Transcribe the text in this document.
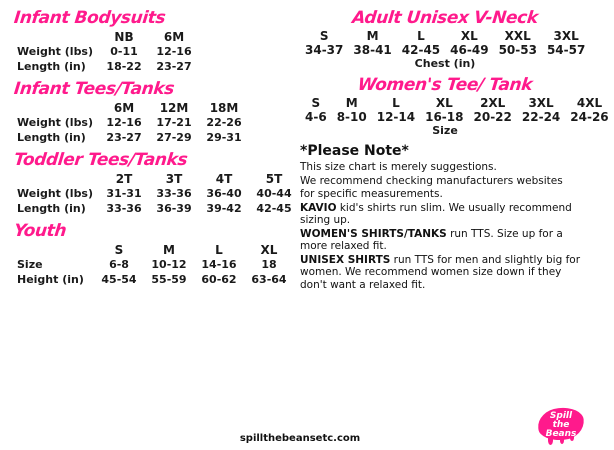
Infant Bodysuits
	NB	6M
Weight (lbs)	0-11	12-16
Length (in)	18-22	23-27
Infant Tees/Tanks
	6M	12M	18M
Weight (lbs)	12-16	17-21	22-26
Length (in)	23-27	27-29	29-31
Toddler Tees/Tanks
	2T	3T	4T	5T
Weight (lbs)	31-31	33-36	36-40	40-44
Length (in)	33-36	36-39	39-42	42-45
Youth
	S	M	L	XL
Size	6-8	10-12	14-16	18
Height (in)	45-54	55-59	60-62	63-64
Adult Unisex V-Neck
S	M	L	XL	XXL	3XL
34-37	38-41	42-45	46-49	50-53	54-57
Chest (in)
Women's Tee/ Tank
S	M	L	XL	2XL	3XL	4XL
4-6	8-10	12-14	16-18	20-22	22-24	24-26
Size
*Please Note*

This size chart is merely suggestions.

We recommend checking manufacturers websites

for specific measurements.

KAVIO kid's shirts run slim. We usually recommend sizing up.

WOMEN'S SHIRTS/TANKS run TTS. Size up for a more relaxed fit.

UNISEX SHIRTS run TTS for men and slightly big for women. We recommend women size down if they don't want a relaxed fit.

spillthebeansetc.com
Spill
the
Beans
